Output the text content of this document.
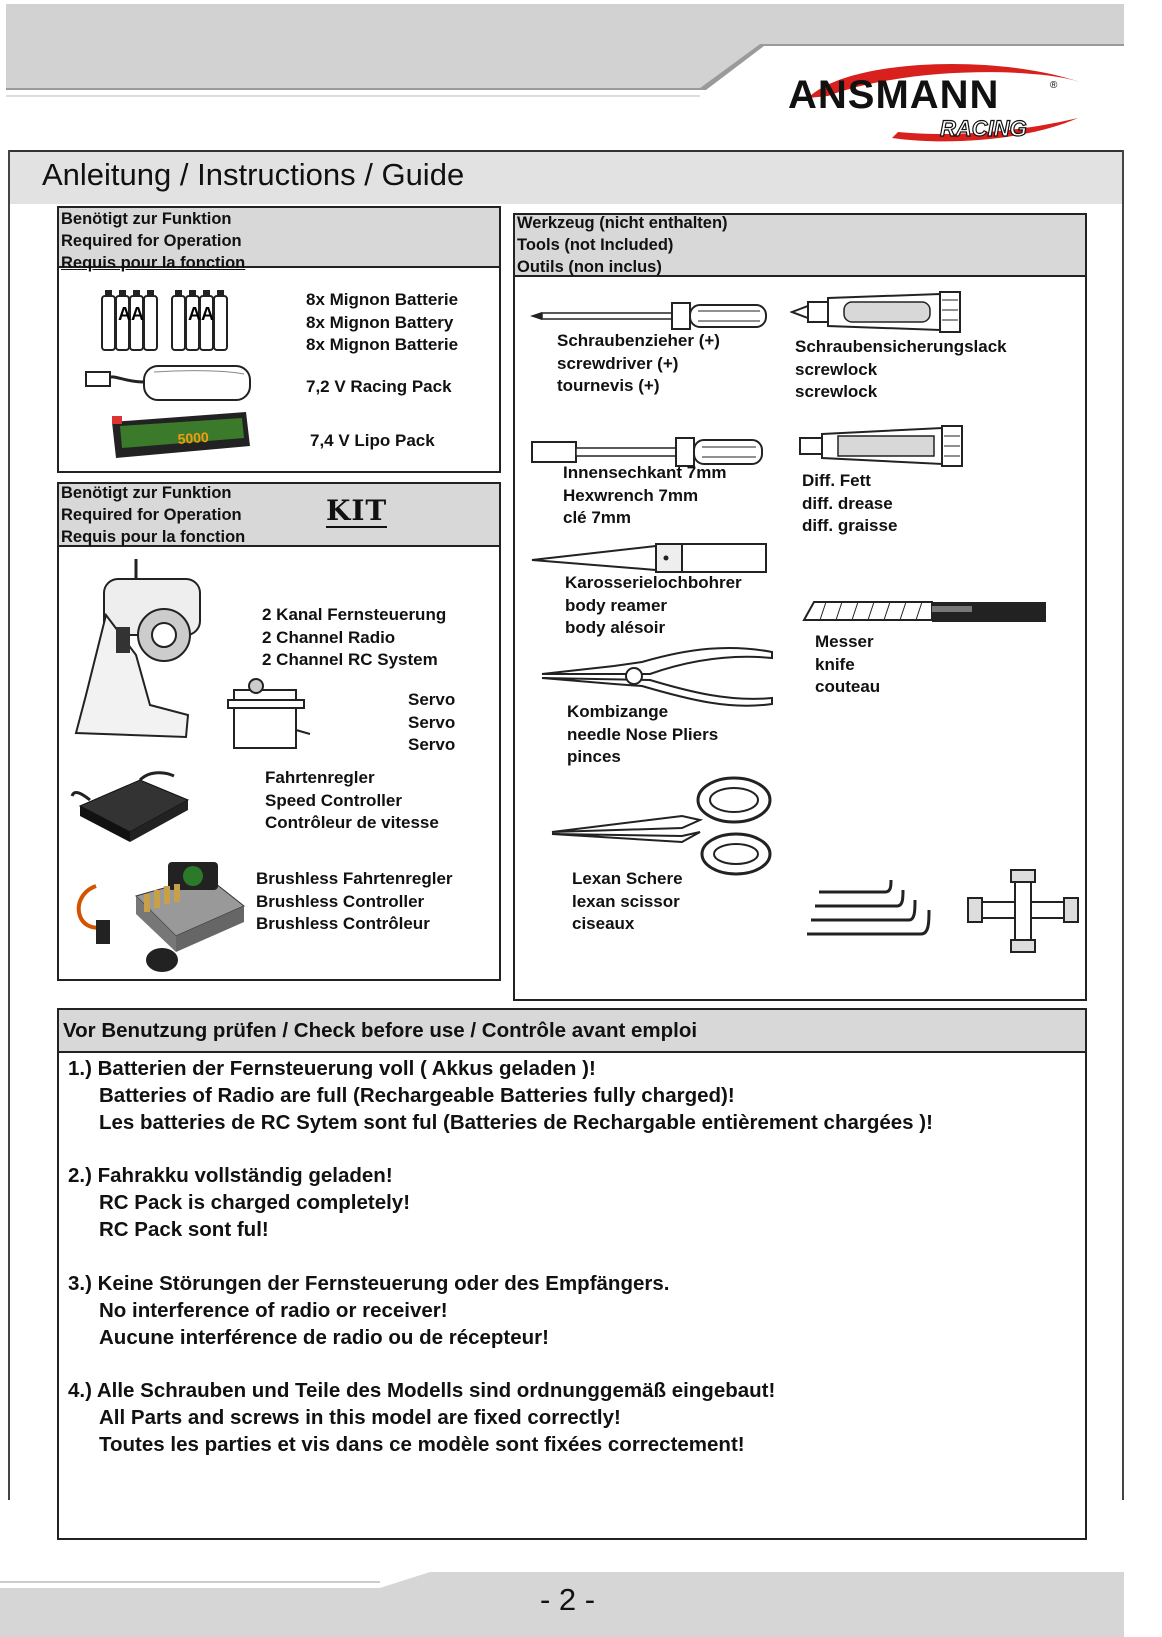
ANSMANN	®
RACING
Anleitung / Instructions / Guide
Benötigt zur Funktion
Required for Operation
Requis pour la fonction
AA AA
8x Mignon Batterie
8x Mignon Battery
8x Mignon Batterie
7,2 V Racing Pack
5000	7,4 V Lipo Pack
Benötigt zur Funktion
Required for Operation
Requis pour la fonction
KIT
2 Kanal Fernsteuerung
2 Channel Radio
2 Channel RC System
Servo
Servo
Servo
Fahrtenregler
Speed Controller
Contrôleur de vitesse
Brushless Fahrtenregler
Brushless Controller
Brushless Contrôleur
Werkzeug (nicht enthalten)
Tools (not Included)
Outils (non inclus)
Schraubenzieher (+)
screwdriver (+)
tournevis (+)
Schraubensicherungslack
screwlock
screwlock
Innensechkant 7mm
Hexwrench 7mm
clé 7mm
Diff. Fett
diff. drease
diff. graisse
Karosserielochbohrer
body reamer
body alésoir
Messer
knife
couteau
Kombizange
needle Nose Pliers
pinces
Lexan Schere
lexan scissor
ciseaux
Vor Benutzung prüfen / Check before use / Contrôle avant emploi
1.) Batterien der Fernsteuerung voll ( Akkus geladen )!
Batteries of Radio are full (Rechargeable Batteries fully charged)!
Les batteries de RC Sytem sont ful (Batteries de Rechargable entièrement chargées )!
2.) Fahrakku vollständig geladen!
RC Pack is charged completely!
RC Pack sont ful!
3.) Keine Störungen der Fernsteuerung oder des Empfängers.
No interference of radio or receiver!
Aucune interférence de radio ou de récepteur!
4.) Alle Schrauben und Teile des Modells sind ordnunggemäß eingebaut!
All Parts and screws in this model are fixed correctly!
Toutes les parties et vis dans ce modèle sont fixées correctement!
- 2 -
